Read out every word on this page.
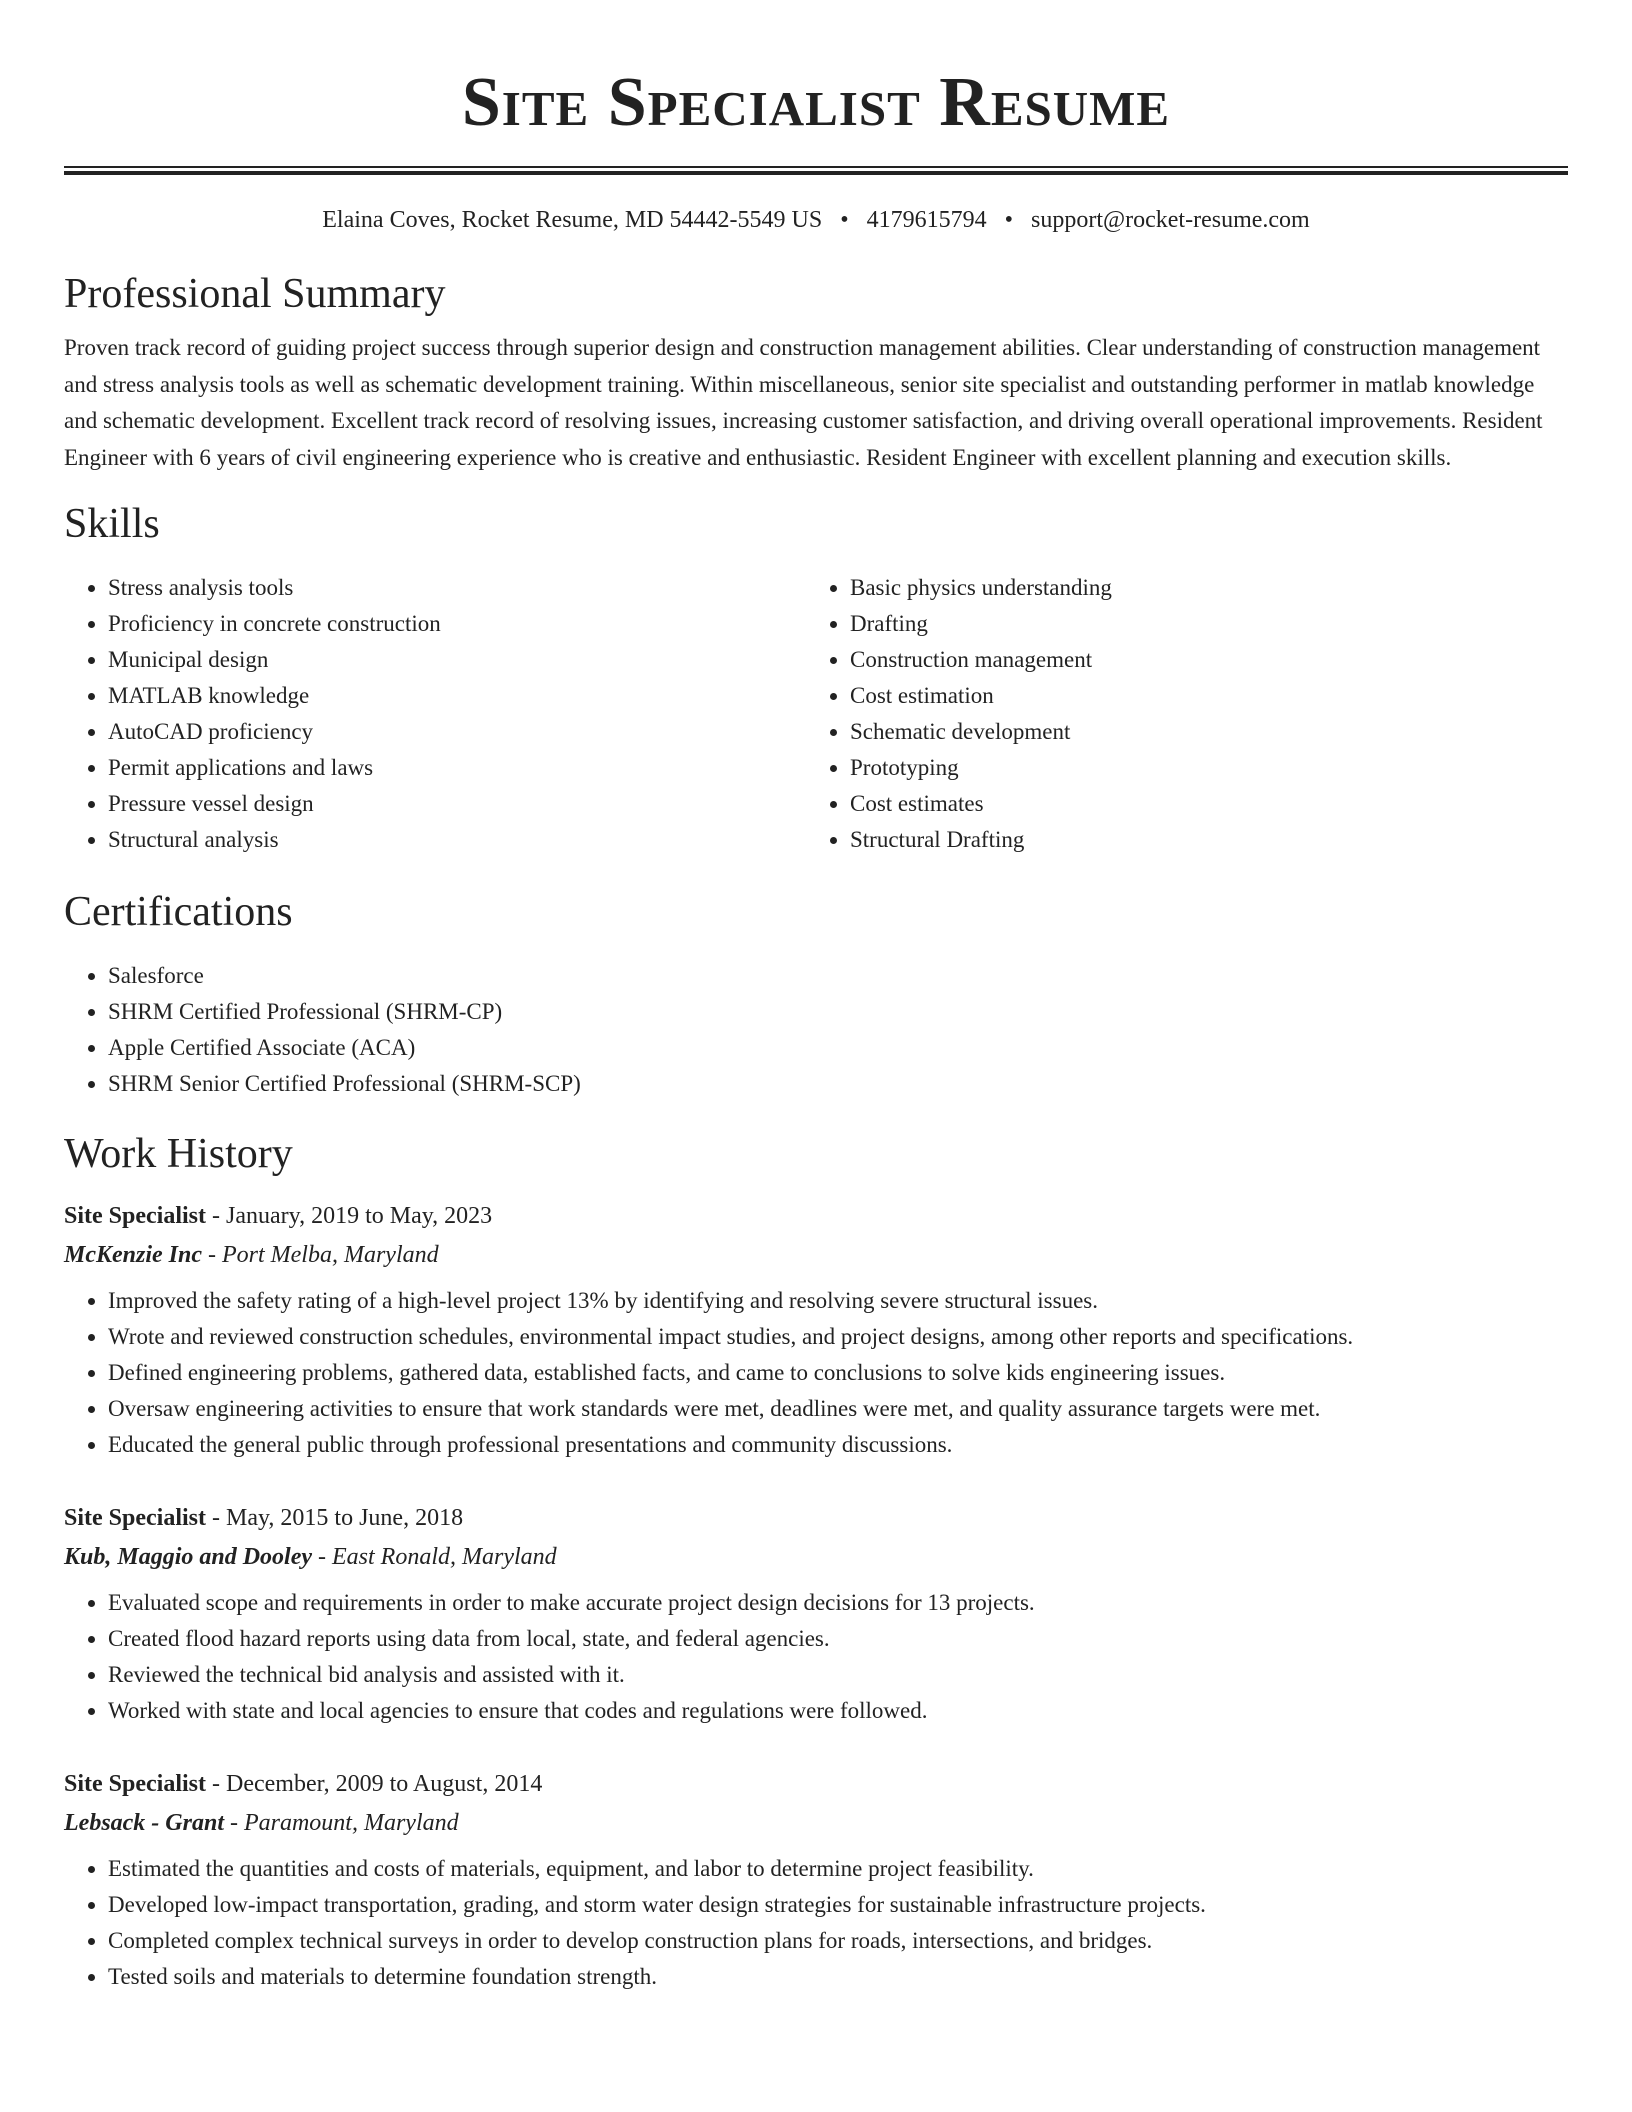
Site Specialist Resume
Elaina Coves, Rocket Resume, MD 54442-5549 US • 4179615794 • support@rocket-resume.com
Professional Summary

Proven track record of guiding project success through superior design and construction management abilities. Clear understanding of construction management and stress analysis tools as well as schematic development training. Within miscellaneous, senior site specialist and outstanding performer in matlab knowledge and schematic development. Excellent track record of resolving issues, increasing customer satisfaction, and driving overall operational improvements. Resident Engineer with 6 years of civil engineering experience who is creative and enthusiastic. Resident Engineer with excellent planning and execution skills.

Skills
• Stress analysis tools
• Proficiency in concrete construction
• Municipal design
• MATLAB knowledge
• AutoCAD proficiency
• Permit applications and laws
• Pressure vessel design
• Structural analysis
• Basic physics understanding
• Drafting
• Construction management
• Cost estimation
• Schematic development
• Prototyping
• Cost estimates
• Structural Drafting
Certifications
• Salesforce
• SHRM Certified Professional (SHRM-CP)
• Apple Certified Associate (ACA)
• SHRM Senior Certified Professional (SHRM-SCP)
Work History
Site Specialist - January, 2019 to May, 2023
McKenzie Inc - Port Melba, Maryland
• Improved the safety rating of a high-level project 13% by identifying and resolving severe structural issues.
• Wrote and reviewed construction schedules, environmental impact studies, and project designs, among other reports and specifications.
• Defined engineering problems, gathered data, established facts, and came to conclusions to solve kids engineering issues.
• Oversaw engineering activities to ensure that work standards were met, deadlines were met, and quality assurance targets were met.
• Educated the general public through professional presentations and community discussions.
Site Specialist - May, 2015 to June, 2018
Kub, Maggio and Dooley - East Ronald, Maryland
• Evaluated scope and requirements in order to make accurate project design decisions for 13 projects.
• Created flood hazard reports using data from local, state, and federal agencies.
• Reviewed the technical bid analysis and assisted with it.
• Worked with state and local agencies to ensure that codes and regulations were followed.
Site Specialist - December, 2009 to August, 2014
Lebsack - Grant - Paramount, Maryland
• Estimated the quantities and costs of materials, equipment, and labor to determine project feasibility.
• Developed low-impact transportation, grading, and storm water design strategies for sustainable infrastructure projects.
• Completed complex technical surveys in order to develop construction plans for roads, intersections, and bridges.
• Tested soils and materials to determine foundation strength.
